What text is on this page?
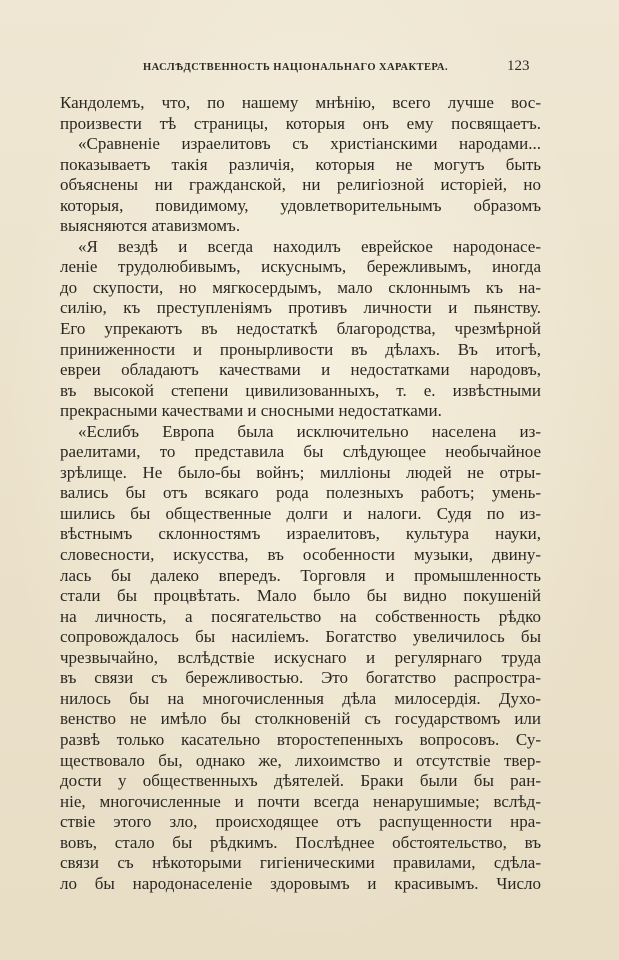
НАСЛѢДСТВЕННОСТЬ НАЦІОНАЛЬНАГО ХАРАКТЕРА.	123
Кандолемъ, что, по нашему мнѣнію, всего лучше вос-
произвести тѣ страницы, которыя онъ ему посвящаетъ.
«Сравненіе израелитовъ съ христіанскими народами...
показываетъ такія различія, которыя не могутъ быть
объяснены ни гражданской, ни религіозной исторіей, но
которыя, повидимому, удовлетворительнымъ образомъ
выясняются атавизмомъ.
«Я вездѣ и всегда находилъ еврейское народонасе-
леніе трудолюбивымъ, искуснымъ, бережливымъ, иногда
до скупости, но мягкосердымъ, мало склоннымъ къ на-
силію, къ преступленіямъ противъ личности и пьянству.
Его упрекаютъ въ недостаткѣ благородства, чрезмѣрной
приниженности и пронырливости въ дѣлахъ. Въ итогѣ,
евреи обладаютъ качествами и недостатками народовъ,
въ высокой степени цивилизованныхъ, т. е. извѣстными
прекрасными качествами и сносными недостатками.
«Еслибъ Европа была исключительно населена из-
раелитами, то представила бы слѣдующее необычайное
зрѣлище. Не было-бы войнъ; милліоны людей не отры-
вались бы отъ всякаго рода полезныхъ работъ; умень-
шились бы общественные долги и налоги. Судя по из-
вѣстнымъ склонностямъ израелитовъ, культура науки,
словесности, искусства, въ особенности музыки, двину-
лась бы далеко впередъ. Торговля и промышленность
стали бы процвѣтать. Мало было бы видно покушеній
на личность, а посягательство на собственность рѣдко
сопровождалось бы насиліемъ. Богатство увеличилось бы
чрезвычайно, вслѣдствіе искуснаго и регулярнаго труда
въ связи съ бережливостью. Это богатство распростра-
нилось бы на многочисленныя дѣла милосердія. Духо-
венство не имѣло бы столкновеній съ государствомъ или
развѣ только касательно второстепенныхъ вопросовъ. Су-
ществовало бы, однако же, лихоимство и отсутствіе твер-
дости у общественныхъ дѣятелей. Браки были бы ран-
ніе, многочисленные и почти всегда ненарушимые; вслѣд-
ствіе этого зло, происходящее отъ распущенности нра-
вовъ, стало бы рѣдкимъ. Послѣднее обстоятельство, въ
связи съ нѣкоторыми гигіеническими правилами, сдѣла-
ло бы народонаселеніе здоровымъ и красивымъ. Число
